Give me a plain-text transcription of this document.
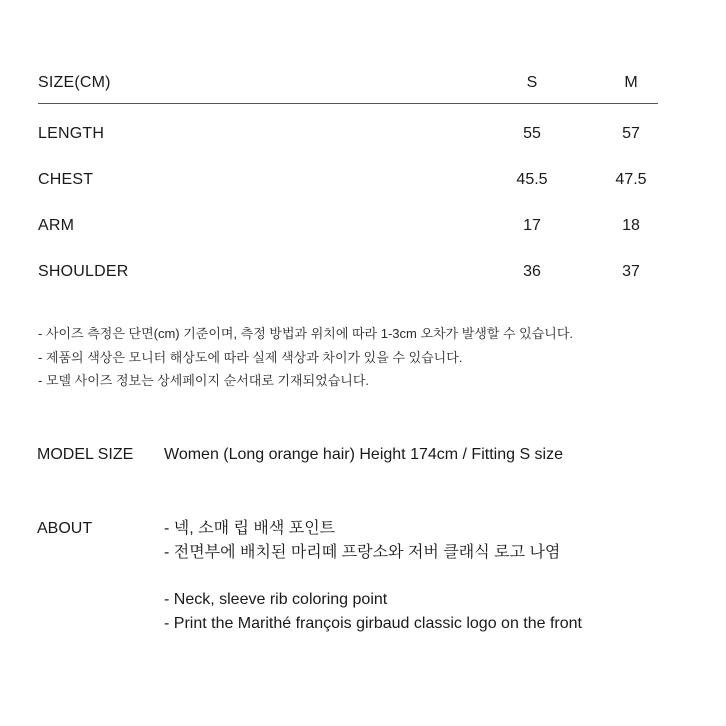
SIZE(CM)	S	M
LENGTH	55	57
CHEST	45.5	47.5
ARM	17	18
SHOULDER	36	37
- 사이즈 측정은 단면(cm) 기준이며, 측정 방법과 위치에 따라 1-3cm 오차가 발생할 수 있습니다.
- 제품의 색상은 모니터 해상도에 따라 실제 색상과 차이가 있을 수 있습니다.
- 모델 사이즈 정보는 상세페이지 순서대로 기재되었습니다.
MODEL SIZE Women (Long orange hair) Height 174cm / Fitting S size
ABOUT	- 넥, 소매 립 배색 포인트
- 전면부에 배치된 마리떼 프랑소와 저버 클래식 로고 나염
- Neck, sleeve rib coloring point
- Print the Marithé françois girbaud classic logo on the front
